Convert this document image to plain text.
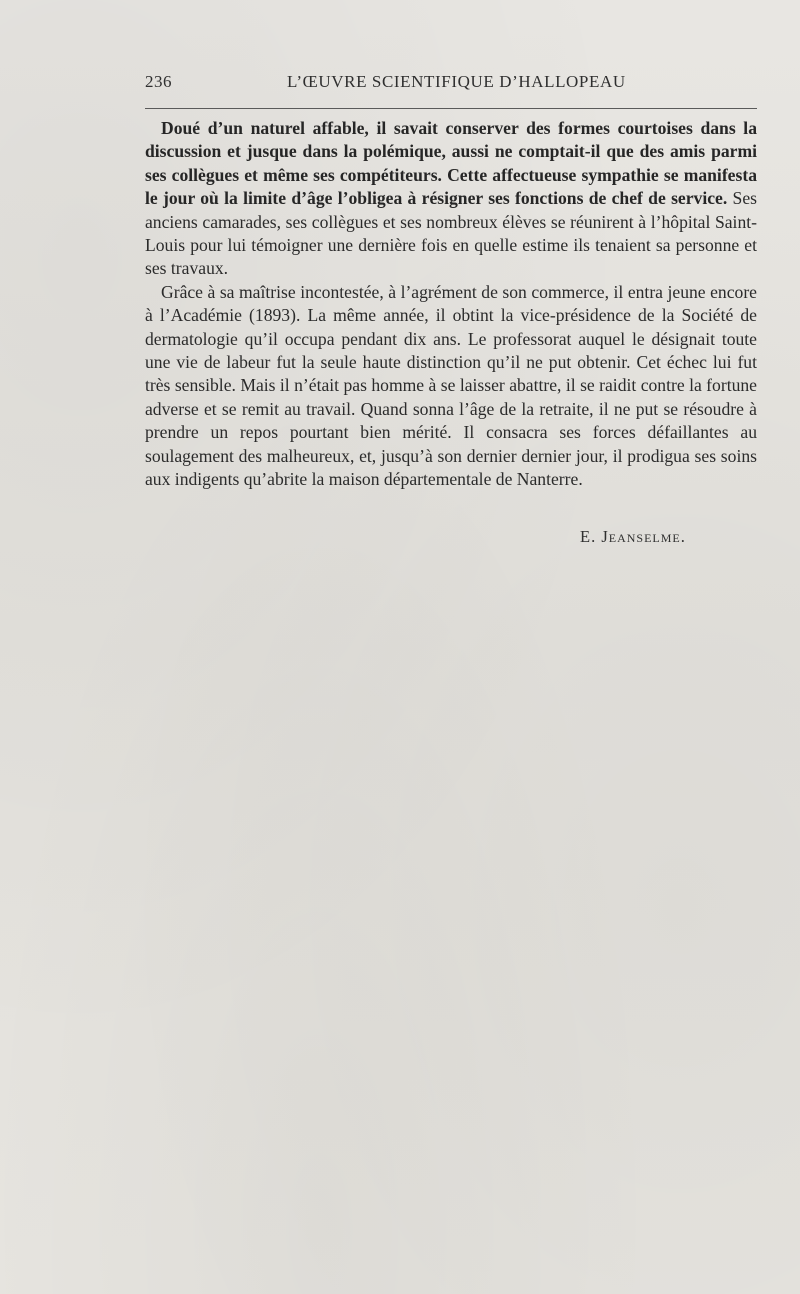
236	L’ŒUVRE SCIENTIFIQUE D’HALLOPEAU

Doué d’un naturel affable, il savait conserver des formes courtoises dans la discussion et jusque dans la polémique, aussi ne comptait-il que des amis parmi ses collègues et même ses compétiteurs. Cette affectueuse sympathie se manifesta le jour où la limite d’âge l’obligea à résigner ses fonctions de chef de service. Ses anciens camarades, ses collègues et ses nombreux élèves se réunirent à l’hôpital Saint-Louis pour lui témoigner une dernière fois en quelle estime ils tenaient sa personne et ses travaux.

Grâce à sa maîtrise incontestée, à l’agrément de son commerce, il entra jeune encore à l’Académie (1893). La même année, il obtint la vice-présidence de la Société de dermatologie qu’il occupa pendant dix ans. Le professorat auquel le désignait toute une vie de labeur fut la seule haute distinction qu’il ne put obtenir. Cet échec lui fut très sensible. Mais il n’était pas homme à se laisser abattre, il se raidit contre la fortune adverse et se remit au travail. Quand sonna l’âge de la retraite, il ne put se résoudre à prendre un repos pourtant bien mérité. Il consacra ses forces défaillantes au soulagement des malheureux, et, jusqu’à son dernier dernier jour, il prodigua ses soins aux indigents qu’abrite la maison départementale de Nanterre.

E. Jeanselme.
